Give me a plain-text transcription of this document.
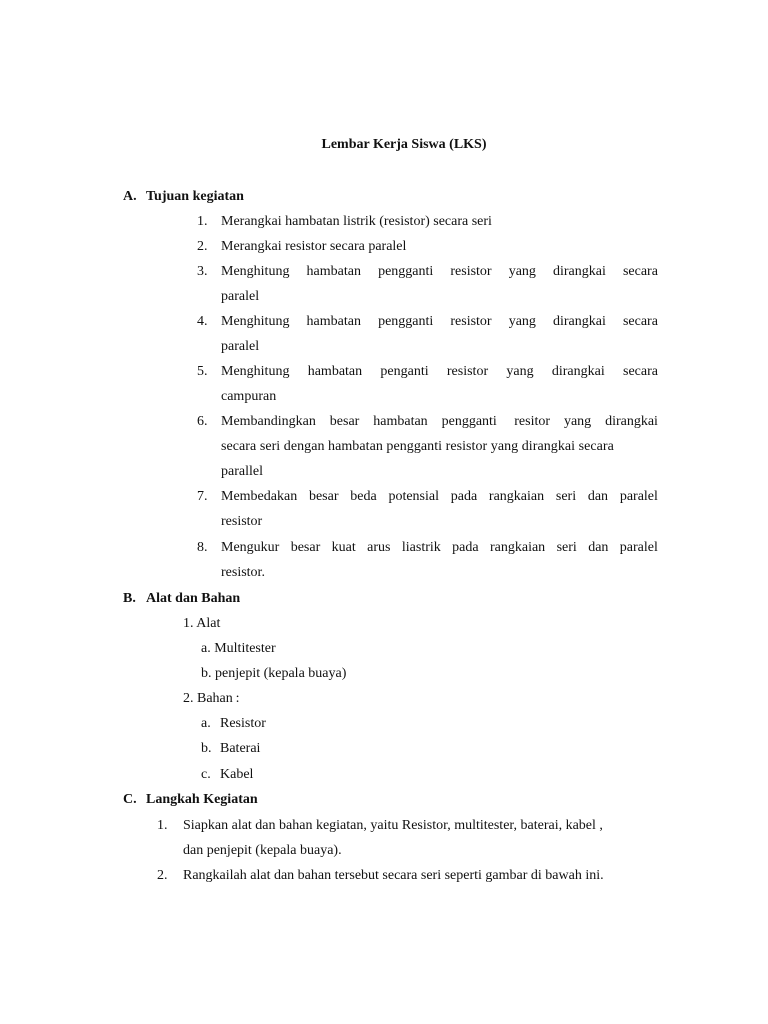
Lembar Kerja Siswa (LKS)
A. Tujuan kegiatan
1. Merangkai hambatan listrik (resistor) secara seri
2. Merangkai resistor secara paralel
3. Menghitung hambatan pengganti resistor yang dirangkai secara
paralel
4. Menghitung hambatan pengganti resistor yang dirangkai secara
paralel
5. Menghitung hambatan penganti resistor yang dirangkai secara
campuran
6. Membandingkan besar hambatan pengganti resitor yang dirangkai
secara seri dengan hambatan pengganti resistor yang dirangkai secara
parallel
7. Membedakan besar beda potensial pada rangkaian seri dan paralel
resistor
8. Mengukur besar kuat arus liastrik pada rangkaian seri dan paralel
resistor.
B. Alat dan Bahan
1. Alat
a. Multitester
b. penjepit (kepala buaya)
2. Bahan :
a. Resistor
b. Baterai
c. Kabel
C. Langkah Kegiatan
1. Siapkan alat dan bahan kegiatan, yaitu Resistor, multitester, baterai, kabel ,
dan penjepit (kepala buaya).
2. Rangkailah alat dan bahan tersebut secara seri seperti gambar di bawah ini.
